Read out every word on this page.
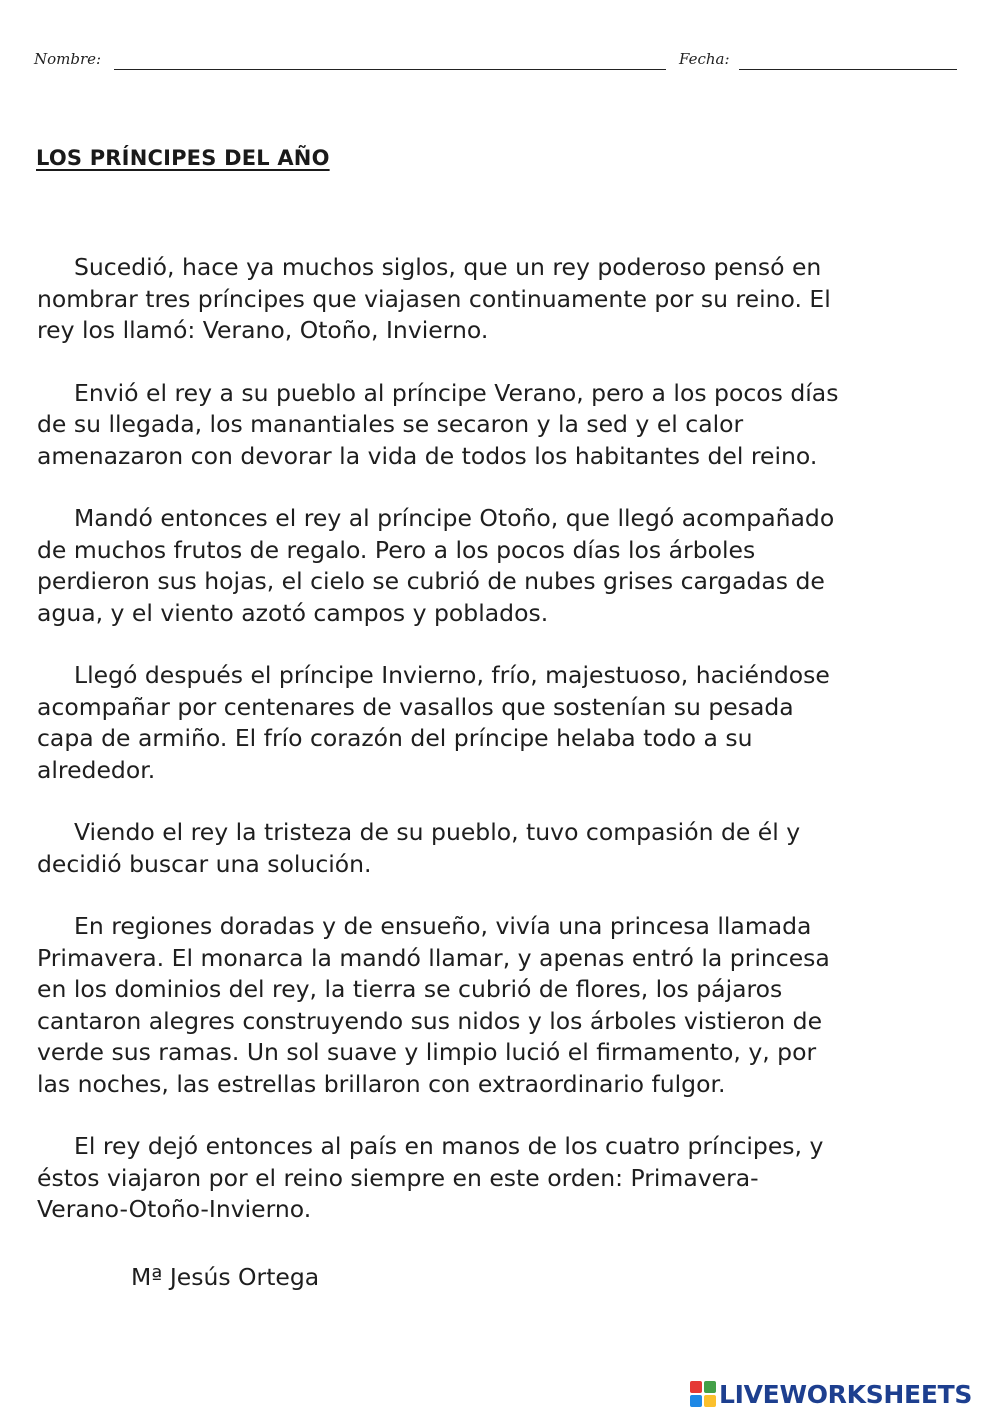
Nombre:	Fecha:
LOS PRÍNCIPES DEL AÑO

Sucedió, hace ya muchos siglos, que un rey poderoso pensó en
nombrar tres príncipes que viajasen continuamente por su reino. El
rey los llamó: Verano, Otoño, Invierno.

Envió el rey a su pueblo al príncipe Verano, pero a los pocos días
de su llegada, los manantiales se secaron y la sed y el calor
amenazaron con devorar la vida de todos los habitantes del reino.

Mandó entonces el rey al príncipe Otoño, que llegó acompañado
de muchos frutos de regalo. Pero a los pocos días los árboles
perdieron sus hojas, el cielo se cubrió de nubes grises cargadas de
agua, y el viento azotó campos y poblados.

Llegó después el príncipe Invierno, frío, majestuoso, haciéndose
acompañar por centenares de vasallos que sostenían su pesada
capa de armiño. El frío corazón del príncipe helaba todo a su
alrededor.

Viendo el rey la tristeza de su pueblo, tuvo compasión de él y
decidió buscar una solución.

En regiones doradas y de ensueño, vivía una princesa llamada
Primavera. El monarca la mandó llamar, y apenas entró la princesa
en los dominios del rey, la tierra se cubrió de flores, los pájaros
cantaron alegres construyendo sus nidos y los árboles vistieron de
verde sus ramas. Un sol suave y limpio lució el firmamento, y, por
las noches, las estrellas brillaron con extraordinario fulgor.

El rey dejó entonces al país en manos de los cuatro príncipes, y
éstos viajaron por el reino siempre en este orden: Primavera-
Verano-Otoño-Invierno.

Mª Jesús Ortega
LIVEWORKSHEETS
